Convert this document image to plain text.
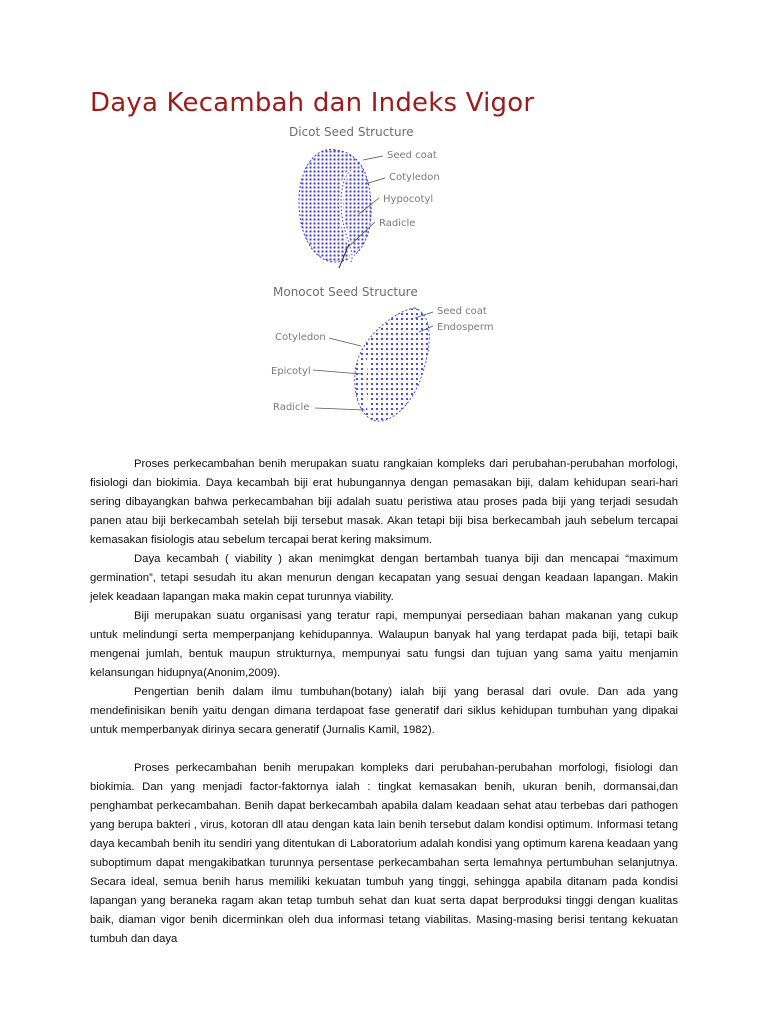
Daya Kecambah dan Indeks Vigor
Dicot Seed Structure
Seed coat
Cotyledon
Hypocotyl
Radicle
Monocot Seed Structure
Seed coat
Endosperm
Cotyledon
Epicotyl
Radicle

Proses perkecambahan benih merupakan suatu rangkaian kompleks dari perubahan-perubahan morfologi, fisiologi dan biokimia. Daya kecambah biji erat hubungannya dengan pemasakan biji, dalam kehidupan seari-hari sering dibayangkan bahwa perkecambahan biji adalah suatu peristiwa atau proses pada biji yang terjadi sesudah panen atau biji berkecambah setelah biji tersebut masak. Akan tetapi biji bisa berkecambah jauh sebelum tercapai kemasakan fisiologis atau sebelum tercapai berat kering maksimum.

Daya kecambah ( viability ) akan menimgkat dengan bertambah tuanya biji dan mencapai “maximum germination”, tetapi sesudah itu akan menurun dengan kecapatan yang sesuai dengan keadaan lapangan. Makin jelek keadaan lapangan maka makin cepat turunnya viability.

Biji merupakan suatu organisasi yang teratur rapi, mempunyai persediaan bahan makanan yang cukup untuk melindungi serta memperpanjang kehidupannya. Walaupun banyak hal yang terdapat pada biji, tetapi baik mengenai jumlah, bentuk maupun strukturnya, mempunyai satu fungsi dan tujuan yang sama yaitu menjamin kelansungan hidupnya(Anonim,2009).

Pengertian benih dalam ilmu tumbuhan(botany) ialah biji yang berasal dari ovule. Dan ada yang mendefinisikan benih yaitu dengan dimana terdapoat fase generatif dari siklus kehidupan tumbuhan yang dipakai untuk memperbanyak dirinya secara generatif (Jurnalis Kamil, 1982).

Proses perkecambahan benih merupakan kompleks dari perubahan-perubahan morfologi, fisiologi dan biokimia. Dan yang menjadi factor-faktornya ialah : tingkat kemasakan benih, ukuran benih, dormansai,dan penghambat perkecambahan. Benih dapat berkecambah apabila dalam keadaan sehat atau terbebas dari pathogen yang berupa bakteri , virus, kotoran dll atau dengan kata lain benih tersebut dalam kondisi optimum. Informasi tetang daya kecambah benih itu sendiri yang ditentukan di Laboratorium adalah kondisi yang optimum karena keadaan yang suboptimum dapat mengakibatkan turunnya persentase perkecambahan serta lemahnya pertumbuhan selanjutnya. Secara ideal, semua benih harus memiliki kekuatan tumbuh yang tinggi, sehingga apabila ditanam pada kondisi lapangan yang beraneka ragam akan tetap tumbuh sehat dan kuat serta dapat berproduksi tinggi dengan kualitas baik, diaman vigor benih dicerminkan oleh dua informasi tetang viabilitas. Masing-masing berisi tentang kekuatan tumbuh dan daya
